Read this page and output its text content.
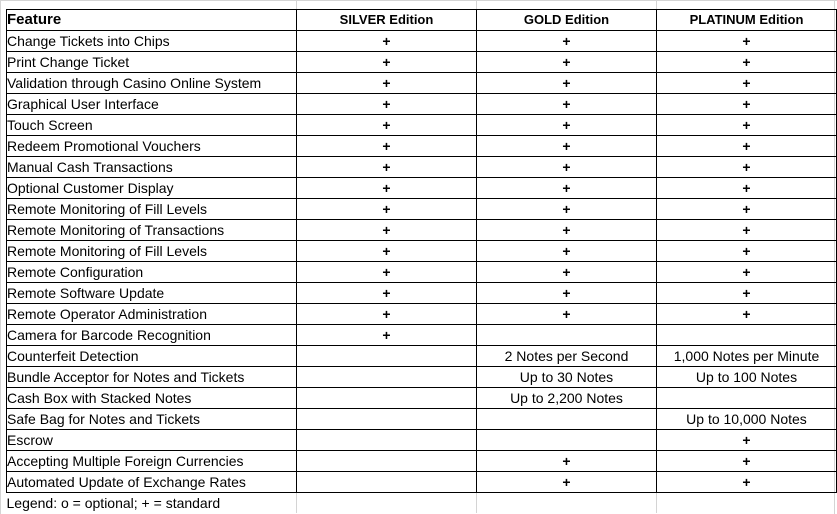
Feature	SILVER Edition	GOLD Edition	PLATINUM Edition
Change Tickets into Chips	+	+	+
Print Change Ticket	+	+	+
Validation through Casino Online System	+	+	+
Graphical User Interface	+	+	+
Touch Screen	+	+	+
Redeem Promotional Vouchers	+	+	+
Manual Cash Transactions	+	+	+
Optional Customer Display	+	+	+
Remote Monitoring of Fill Levels	+	+	+
Remote Monitoring of Transactions	+	+	+
Remote Monitoring of Fill Levels	+	+	+
Remote Configuration	+	+	+
Remote Software Update	+	+	+
Remote Operator Administration	+	+	+
Camera for Barcode Recognition	+		
Counterfeit Detection		2 Notes per Second	1,000 Notes per Minute
Bundle Acceptor for Notes and Tickets		Up to 30 Notes	Up to 100 Notes
Cash Box with Stacked Notes		Up to 2,200 Notes	
Safe Bag for Notes and Tickets			Up to 10,000 Notes
Escrow			+
Accepting Multiple Foreign Currencies		+	+
Automated Update of Exchange Rates		+	+
Legend: o = optional; + = standard			
